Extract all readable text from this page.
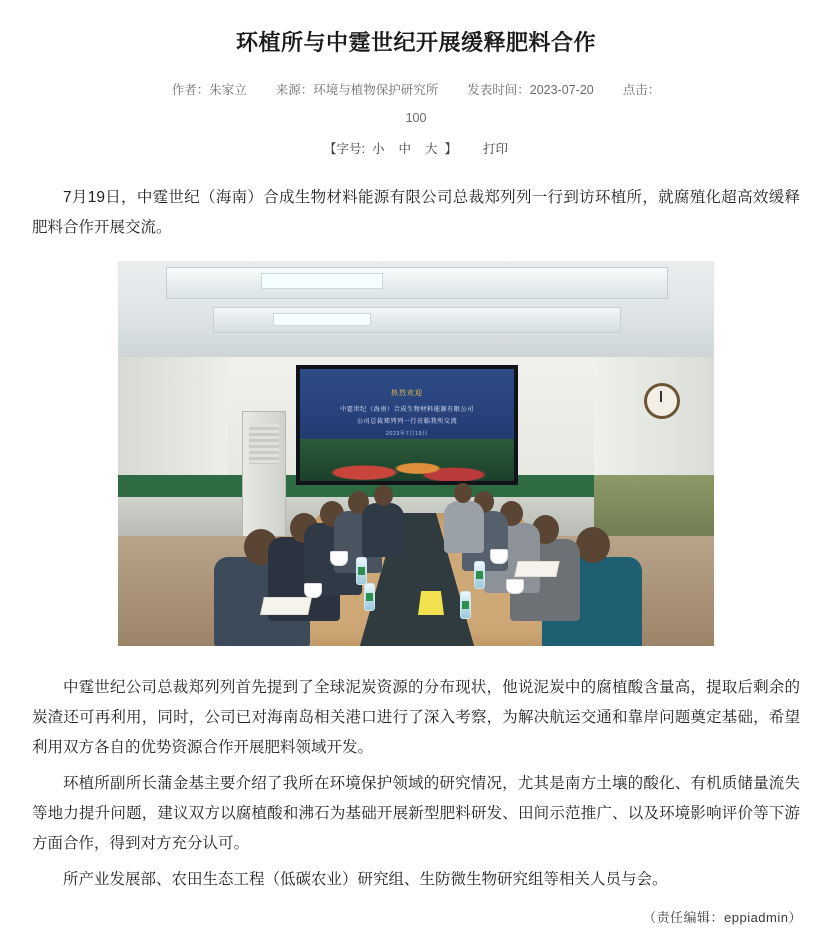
环植所与中霆世纪开展缓释肥料合作
作者：朱家立 来源：环境与植物保护研究所 发表时间：2023-07-20 点击：
100
【字号: 小 中 大 】 打印

7月19日，中霆世纪（海南）合成生物材料能源有限公司总裁郑列列一行到访环植所，就腐殖化超高效缓释肥料合作开展交流。

热烈欢迎
中霆世纪（海南）合成生物材料能源有限公司
公司总裁郑列列一行莅临我所交流
2023年7月19日

中霆世纪公司总裁郑列列首先提到了全球泥炭资源的分布现状，他说泥炭中的腐植酸含量高，提取后剩余的炭渣还可再利用，同时，公司已对海南岛相关港口进行了深入考察，为解决航运交通和靠岸问题奠定基础，希望利用双方各自的优势资源合作开展肥料领域开发。

环植所副所长蒲金基主要介绍了我所在环境保护领域的研究情况，尤其是南方土壤的酸化、有机质储量流失等地力提升问题，建议双方以腐植酸和沸石为基础开展新型肥料研发、田间示范推广、以及环境影响评价等下游方面合作，得到对方充分认可。

所产业发展部、农田生态工程（低碳农业）研究组、生防微生物研究组等相关人员与会。

（责任编辑：eppiadmin）
